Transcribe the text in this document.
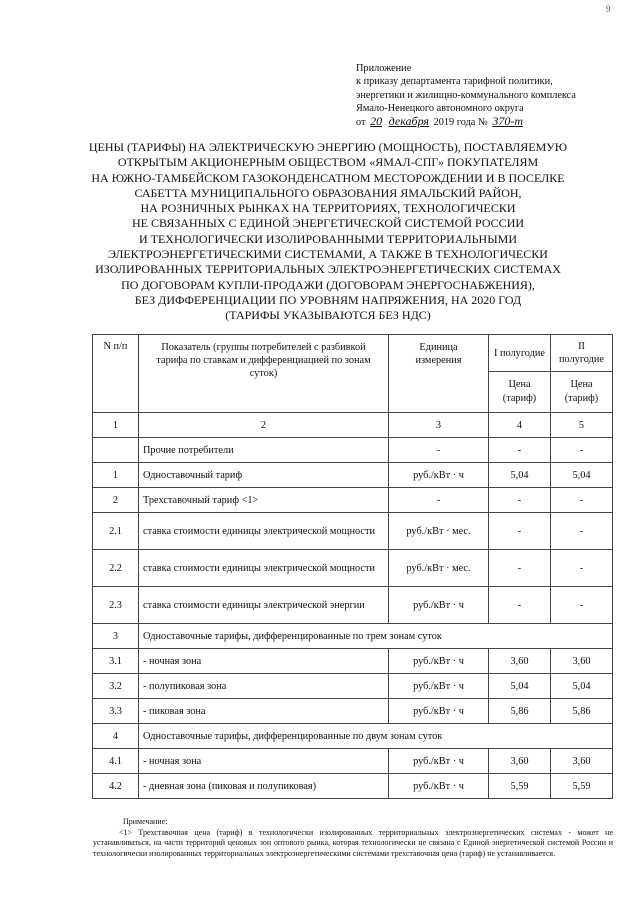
9
Приложение
к приказу департамента тарифной политики,
энергетики и жилищно-коммунального комплекса
Ямало-Ненецкого автономного округа
от 20 декабря 2019 года № 370-т
ЦЕНЫ (ТАРИФЫ) НА ЭЛЕКТРИЧЕСКУЮ ЭНЕРГИЮ (МОЩНОСТЬ), ПОСТАВЛЯЕМУЮ
ОТКРЫТЫМ АКЦИОНЕРНЫМ ОБЩЕСТВОМ «ЯМАЛ-СПГ» ПОКУПАТЕЛЯМ
НА ЮЖНО-ТАМБЕЙСКОМ ГАЗОКОНДЕНСАТНОМ МЕСТОРОЖДЕНИИ И В ПОСЕЛКЕ
САБЕТТА МУНИЦИПАЛЬНОГО ОБРАЗОВАНИЯ ЯМАЛЬСКИЙ РАЙОН,
НА РОЗНИЧНЫХ РЫНКАХ НА ТЕРРИТОРИЯХ, ТЕХНОЛОГИЧЕСКИ
НЕ СВЯЗАННЫХ С ЕДИНОЙ ЭНЕРГЕТИЧЕСКОЙ СИСТЕМОЙ РОССИИ
И ТЕХНОЛОГИЧЕСКИ ИЗОЛИРОВАННЫМИ ТЕРРИТОРИАЛЬНЫМИ
ЭЛЕКТРОЭНЕРГЕТИЧЕСКИМИ СИСТЕМАМИ, А ТАКЖЕ В ТЕХНОЛОГИЧЕСКИ
ИЗОЛИРОВАННЫХ ТЕРРИТОРИАЛЬНЫХ ЭЛЕКТРОЭНЕРГЕТИЧЕСКИХ СИСТЕМАХ
ПО ДОГОВОРАМ КУПЛИ-ПРОДАЖИ (ДОГОВОРАМ ЭНЕРГОСНАБЖЕНИЯ),
БЕЗ ДИФФЕРЕНЦИАЦИИ ПО УРОВНЯМ НАПРЯЖЕНИЯ, НА 2020 ГОД
(ТАРИФЫ УКАЗЫВАЮТСЯ БЕЗ НДС)
N п/п	Показатель (группы потребителей с разбивкой тарифа по ставкам и дифференциацией по зонам суток)	Единица измерения	I полугодие	II полугодие
			Цена (тариф)	Цена (тариф)
1	2	3	4	5
	Прочие потребители	-	-	-
1	Одноставочный тариф	руб./кВт · ч	5,04	5,04
2	Трехставочный тариф <1>	-	-	-
2.1	ставка стоимости единицы электрической мощности	руб./кВт · мес.	-	-
2.2	ставка стоимости единицы электрической мощности	руб./кВт · мес.	-	-
2.3	ставка стоимости единицы электрической энергии	руб./кВт · ч	-	-
3	Одноставочные тарифы, дифференцированные по трем зонам суток			
3.1	- ночная зона	руб./кВт · ч	3,60	3,60
3.2	- полупиковая зона	руб./кВт · ч	5,04	5,04
3.3	- пиковая зона	руб./кВт · ч	5,86	5,86
4	Одноставочные тарифы, дифференцированные по двум зонам суток			
4.1	- ночная зона	руб./кВт · ч	3,60	3,60
4.2	- дневная зона (пиковая и полупиковая)	руб./кВт · ч	5,59	5,59
Примечание:
<1> Трехставочная цена (тариф) в технологически изолированных территориальных электроэнергетических системах - может не устанавливаться, на части территорий ценовых зон оптового рынка, которая технологически не связана с Единой энергетической системой России и технологически изолированных территориальных электроэнергетическими системами трехставочная цена (тариф) не устанавливается.
